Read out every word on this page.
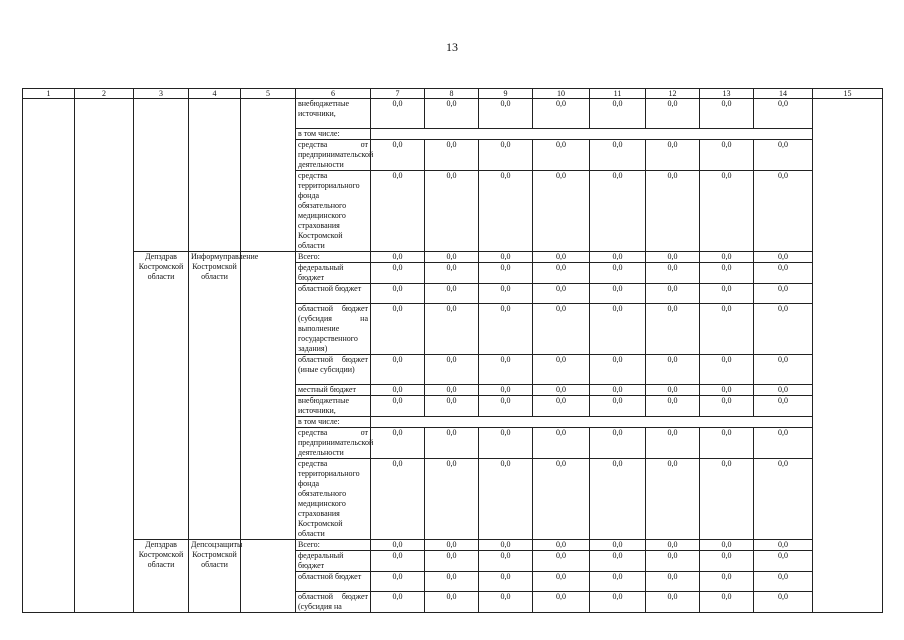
13
1	2	3	4	5	6	7	8	9	10	11	12	13	14	15
					внебюджетные источники,	0,0	0,0	0,0	0,0	0,0	0,0	0,0	0,0	
					в том числе:									
					средства от предпринимательской деятельности	0,0	0,0	0,0	0,0	0,0	0,0	0,0	0,0	
					средства территориального фонда обязательного медицинского страхования Костромской области	0,0	0,0	0,0	0,0	0,0	0,0	0,0	0,0	
		Депздрав Костромской области	Информуправление Костромской области		Всего:	0,0	0,0	0,0	0,0	0,0	0,0	0,0	0,0	
					федеральный бюджет	0,0	0,0	0,0	0,0	0,0	0,0	0,0	0,0	
					областной бюджет	0,0	0,0	0,0	0,0	0,0	0,0	0,0	0,0	
					областной бюджет (субсидия на выполнение государственного задания)	0,0	0,0	0,0	0,0	0,0	0,0	0,0	0,0	
					областной бюджет (иные субсидии)	0,0	0,0	0,0	0,0	0,0	0,0	0,0	0,0	
					местный бюджет	0,0	0,0	0,0	0,0	0,0	0,0	0,0	0,0	
					внебюджетные источники,	0,0	0,0	0,0	0,0	0,0	0,0	0,0	0,0	
					в том числе:									
					средства от предпринимательской деятельности	0,0	0,0	0,0	0,0	0,0	0,0	0,0	0,0	
					средства территориального фонда обязательного медицинского страхования Костромской области	0,0	0,0	0,0	0,0	0,0	0,0	0,0	0,0	
		Депздрав Костромской области	Депсоцзащиты Костромской области		Всего:	0,0	0,0	0,0	0,0	0,0	0,0	0,0	0,0	
					федеральный бюджет	0,0	0,0	0,0	0,0	0,0	0,0	0,0	0,0	
					областной бюджет	0,0	0,0	0,0	0,0	0,0	0,0	0,0	0,0	
					областной бюджет (субсидия на	0,0	0,0	0,0	0,0	0,0	0,0	0,0	0,0	
